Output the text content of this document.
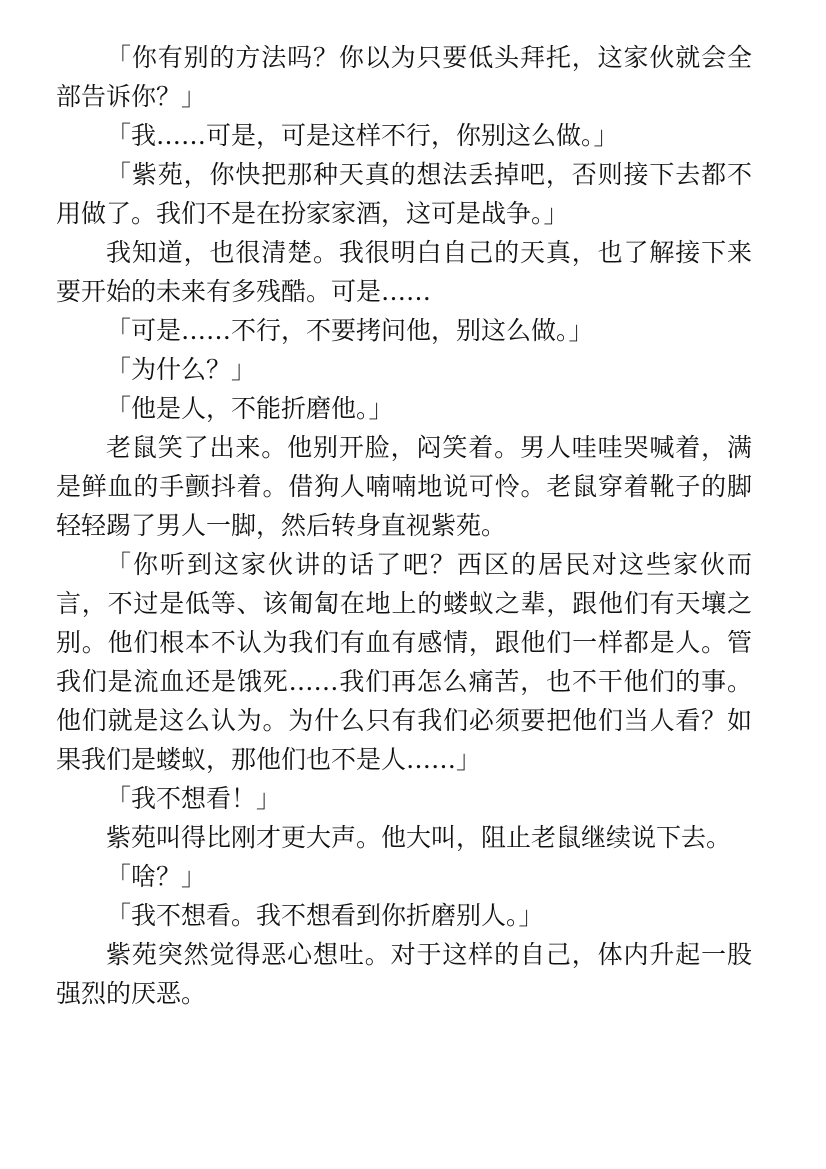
「你有别的方法吗？你以为只要低头拜托，这家伙就会全部告诉你？」

「我……可是，可是这样不行，你别这么做。」

「紫苑，你快把那种天真的想法丢掉吧，否则接下去都不用做了。我们不是在扮家家酒，这可是战争。」

我知道，也很清楚。我很明白自己的天真，也了解接下来要开始的未来有多残酷。可是……

「可是……不行，不要拷问他，别这么做。」

「为什么？」

「他是人，不能折磨他。」

老鼠笑了出来。他别开脸，闷笑着。男人哇哇哭喊着，满是鲜血的手颤抖着。借狗人喃喃地说可怜。老鼠穿着靴子的脚轻轻踢了男人一脚，然后转身直视紫苑。

「你听到这家伙讲的话了吧？西区的居民对这些家伙而言，不过是低等、该匍匐在地上的蝼蚁之辈，跟他们有天壤之别。他们根本不认为我们有血有感情，跟他们一样都是人。管我们是流血还是饿死……我们再怎么痛苦，也不干他们的事。他们就是这么认为。为什么只有我们必须要把他们当人看？如果我们是蝼蚁，那他们也不是人……」

「我不想看！」

紫苑叫得比刚才更大声。他大叫，阻止老鼠继续说下去。

「啥？」

「我不想看。我不想看到你折磨别人。」

紫苑突然觉得恶心想吐。对于这样的自己，体内升起一股强烈的厌恶。
